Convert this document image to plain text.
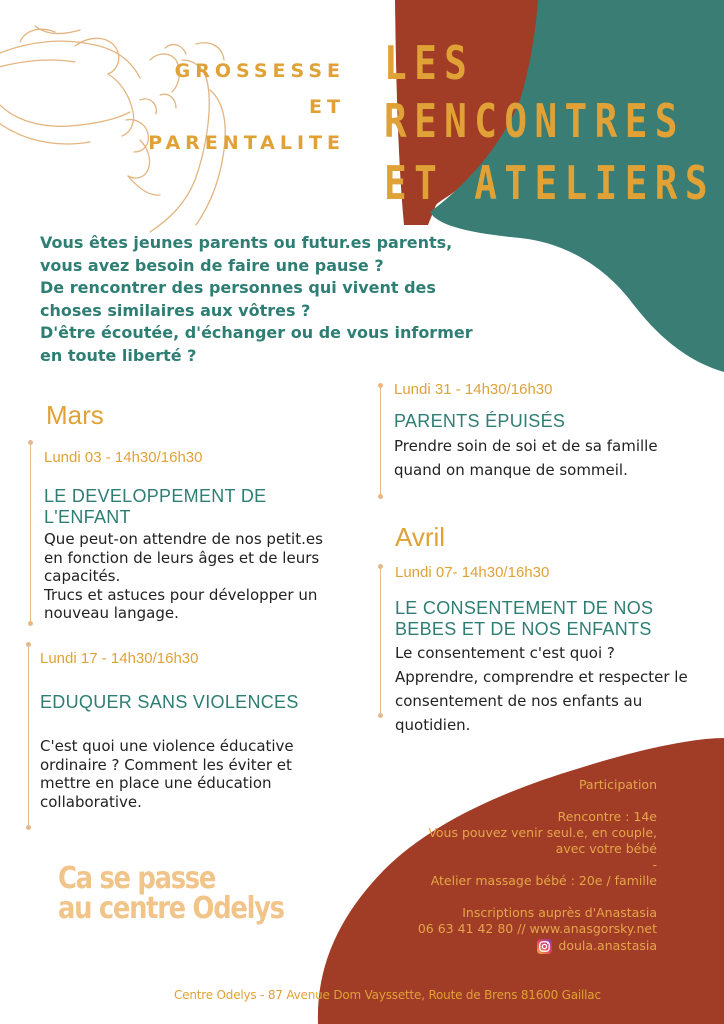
GROSSESSE
ET
PARENTALITE
LES
RENCONTRES
ET ATELIERS
Vous êtes jeunes parents ou futur.es parents,
vous avez besoin de faire une pause ?
De rencontrer des personnes qui vivent des
choses similaires aux vôtres ?
D'être écoutée, d'échanger ou de vous informer
en toute liberté ?
Mars
Avril
Lundi 03 - 14h30/16h30
LE DEVELOPPEMENT DE
L'ENFANT
Que peut-on attendre de nos petit.es
en fonction de leurs âges et de leurs
capacités.
Trucs et astuces pour développer un
nouveau langage.
Lundi 17 - 14h30/16h30
EDUQUER SANS VIOLENCES
C'est quoi une violence éducative
ordinaire ? Comment les éviter et
mettre en place une éducation
collaborative.
Lundi 31 - 14h30/16h30
PARENTS ÉPUISÉS
Prendre soin de soi et de sa famille
quand on manque de sommeil.
Lundi 07- 14h30/16h30
LE CONSENTEMENT DE NOS
BEBES ET DE NOS ENFANTS
Le consentement c'est quoi ?
Apprendre, comprendre et respecter le
consentement de nos enfants au
quotidien.
Ca se passe
au centre Odelys
Participation
Rencontre : 14e
Vous pouvez venir seul.e, en couple,
avec votre bébé
-
Atelier massage bébé : 20e / famille
Inscriptions auprès d'Anastasia
06 63 41 42 80 // www.anasgorsky.net
doula.anastasia
Centre Odelys - 87 Avenue Dom Vayssette, Route de Brens 81600 Gaillac
